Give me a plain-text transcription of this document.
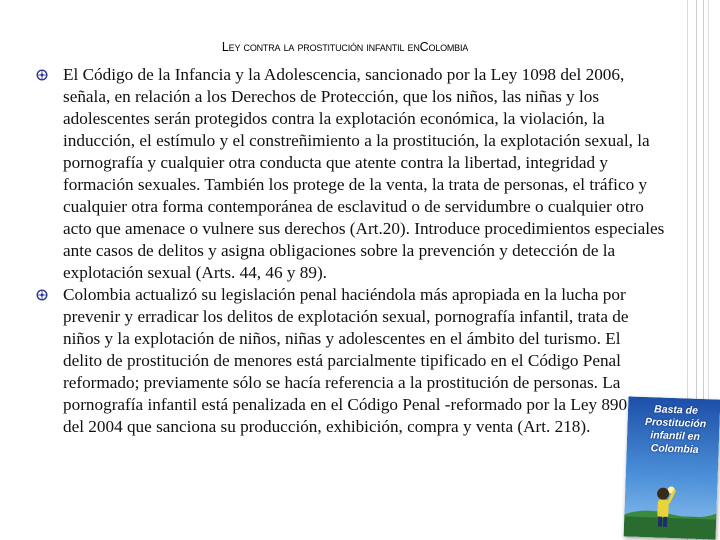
Ley contra la prostitución infantil enColombia
El Código de la Infancia y la Adolescencia, sancionado por la Ley 1098 del 2006, señala, en relación a los Derechos de Protección, que los niños, las niñas y los adolescentes serán protegidos contra la explotación económica, la violación, la inducción, el estímulo y el constreñimiento a la prostitución, la explotación sexual, la pornografía y cualquier otra conducta que atente contra la libertad, integridad y formación sexuales. También los protege de la venta, la trata de personas, el tráfico y cualquier otra forma contemporánea de esclavitud o de servidumbre o cualquier otro acto que amenace o vulnere sus derechos (Art.20). Introduce procedimientos especiales ante casos de delitos y asigna obligaciones sobre la prevención y detección de la explotación sexual (Arts. 44, 46 y 89).
Colombia actualizó su legislación penal haciéndola más apropiada en la lucha por prevenir y erradicar los delitos de explotación sexual, pornografía infantil, trata de niños y la explotación de niños, niñas y adolescentes en el ámbito del turismo. El delito de prostitución de menores está parcialmente tipificado en el Código Penal reformado; previamente sólo se hacía referencia a la prostitución de personas. La pornografía infantil está penalizada en el Código Penal -reformado por la Ley 890 del 2004 que sanciona su producción, exhibición, compra y venta (Art. 218).
Basta de Prostitución infantil en Colombia
